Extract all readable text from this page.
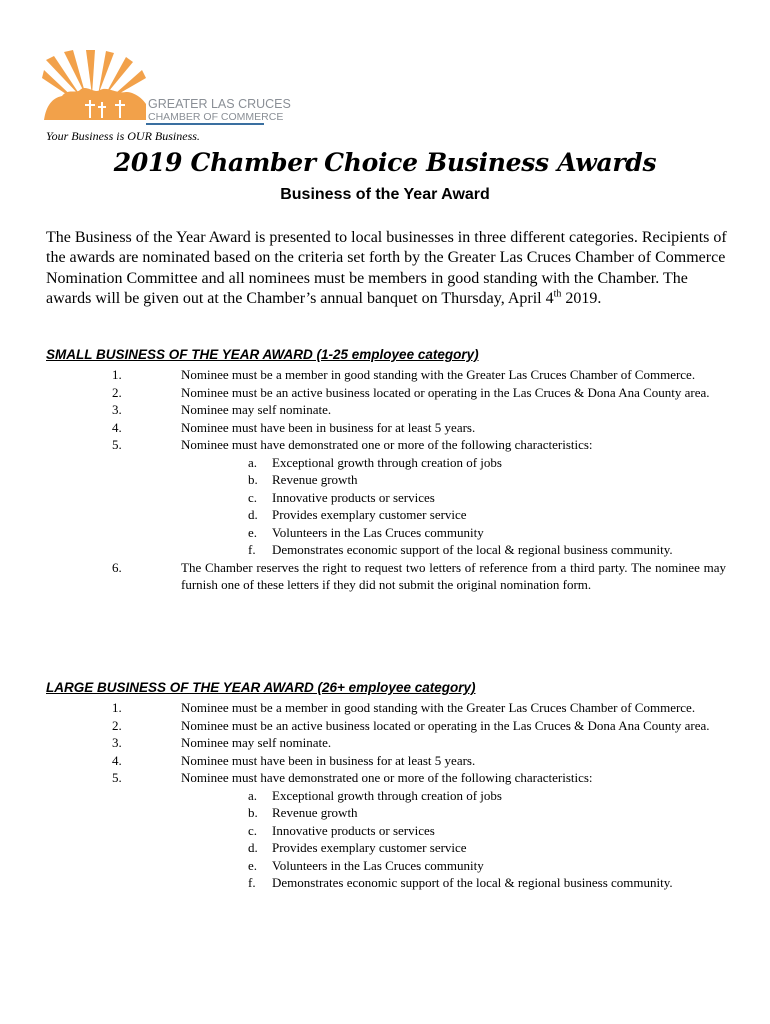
GREATER LAS CRUCES
CHAMBER OF COMMERCE
Your Business is OUR Business.
2019 Chamber Choice Business Awards
Business of the Year Award
The Business of the Year Award is presented to local businesses in three different categories. Recipients of the awards are nominated based on the criteria set forth by the Greater Las Cruces Chamber of Commerce Nomination Committee and all nominees must be members in good standing with the Chamber. The awards will be given out at the Chamber’s annual banquet on Thursday, April 4th 2019.
SMALL BUSINESS OF THE YEAR AWARD (1-25 employee category)
1.	Nominee must be a member in good standing with the Greater Las Cruces Chamber of Commerce.
2.	Nominee must be an active business located or operating in the Las Cruces & Dona Ana County area.
3.	Nominee may self nominate.
4.	Nominee must have been in business for at least 5 years.
5.	Nominee must have demonstrated one or more of the following characteristics:
a. Exceptional growth through creation of jobs
b. Revenue growth
c. Innovative products or services
d. Provides exemplary customer service
e. Volunteers in the Las Cruces community
f. Demonstrates economic support of the local & regional business community.
6.	The Chamber reserves the right to request two letters of reference from a third party. The nominee may furnish one of these letters if they did not submit the original nomination form.
LARGE BUSINESS OF THE YEAR AWARD (26+ employee category)
1.	Nominee must be a member in good standing with the Greater Las Cruces Chamber of Commerce.
2.	Nominee must be an active business located or operating in the Las Cruces & Dona Ana County area.
3.	Nominee may self nominate.
4.	Nominee must have been in business for at least 5 years.
5.	Nominee must have demonstrated one or more of the following characteristics:
a. Exceptional growth through creation of jobs
b. Revenue growth
c. Innovative products or services
d. Provides exemplary customer service
e. Volunteers in the Las Cruces community
f. Demonstrates economic support of the local & regional business community.
